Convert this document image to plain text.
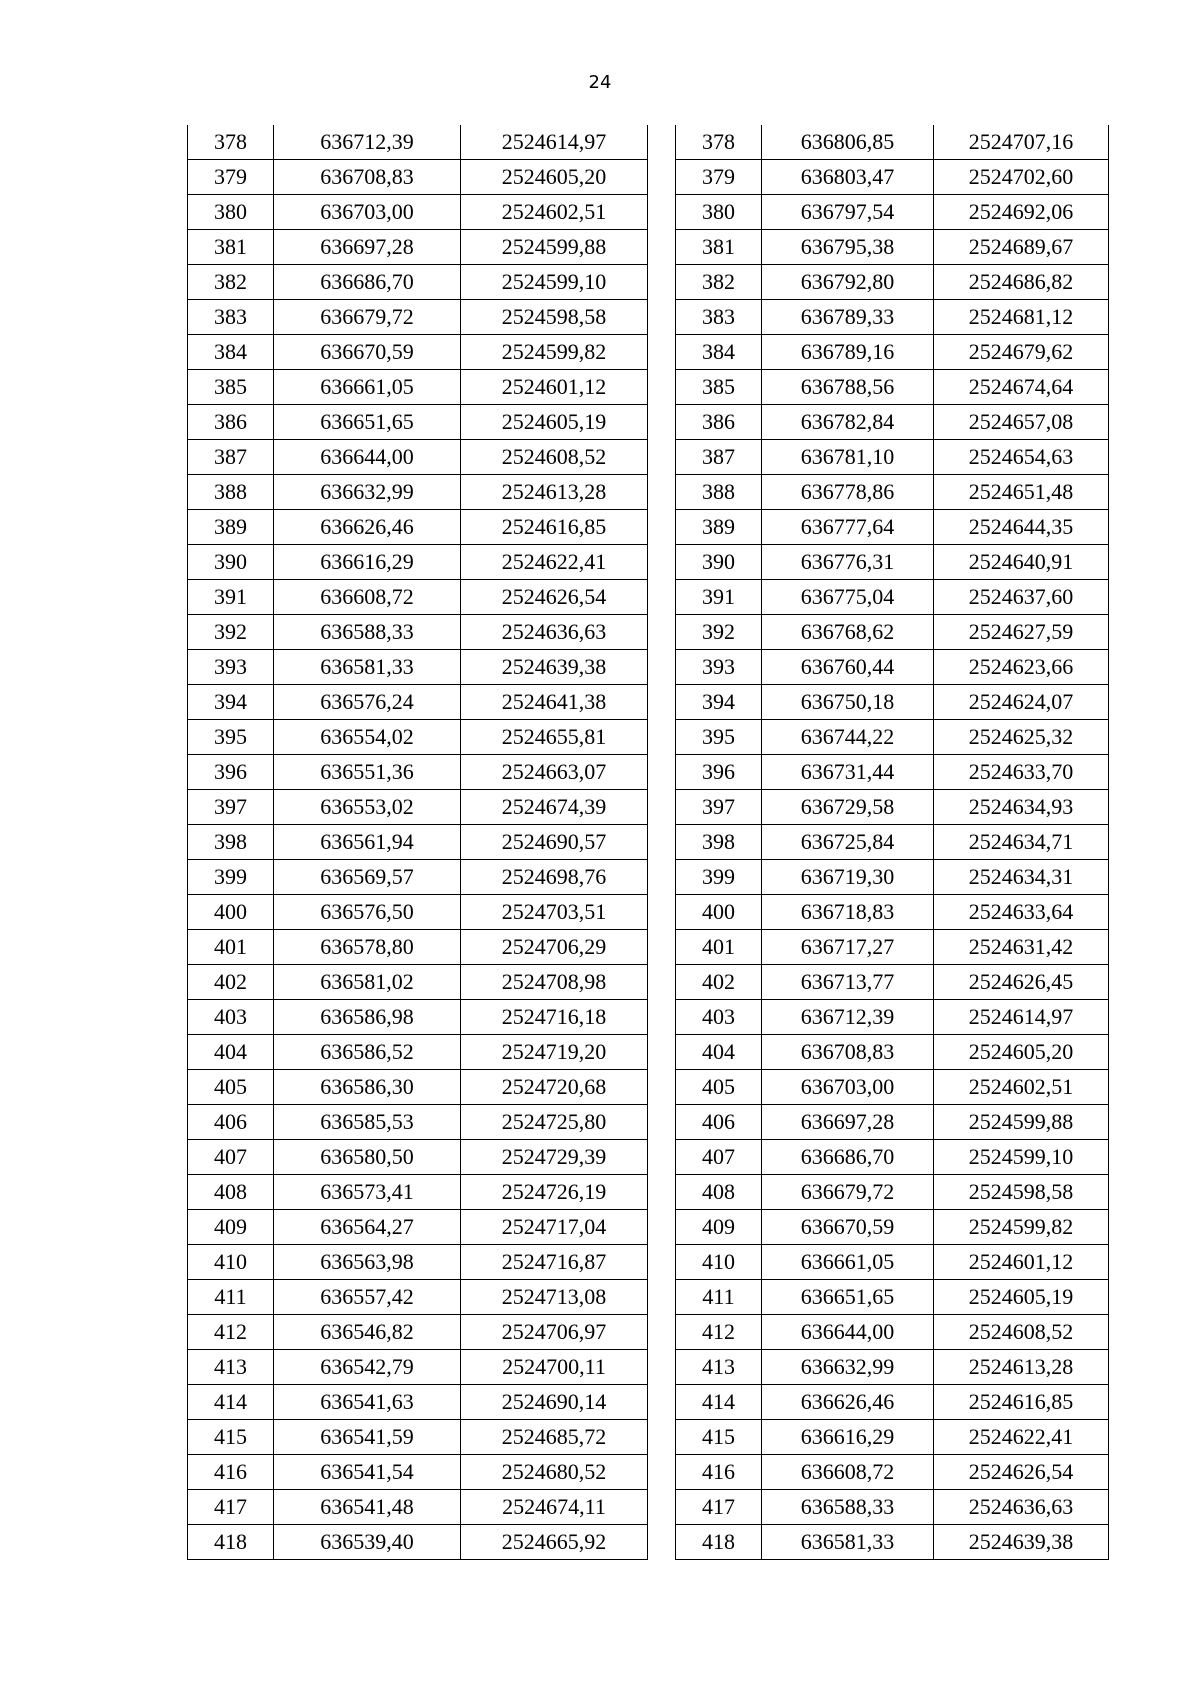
24
378	636712,39	2524614,97
379	636708,83	2524605,20
380	636703,00	2524602,51
381	636697,28	2524599,88
382	636686,70	2524599,10
383	636679,72	2524598,58
384	636670,59	2524599,82
385	636661,05	2524601,12
386	636651,65	2524605,19
387	636644,00	2524608,52
388	636632,99	2524613,28
389	636626,46	2524616,85
390	636616,29	2524622,41
391	636608,72	2524626,54
392	636588,33	2524636,63
393	636581,33	2524639,38
394	636576,24	2524641,38
395	636554,02	2524655,81
396	636551,36	2524663,07
397	636553,02	2524674,39
398	636561,94	2524690,57
399	636569,57	2524698,76
400	636576,50	2524703,51
401	636578,80	2524706,29
402	636581,02	2524708,98
403	636586,98	2524716,18
404	636586,52	2524719,20
405	636586,30	2524720,68
406	636585,53	2524725,80
407	636580,50	2524729,39
408	636573,41	2524726,19
409	636564,27	2524717,04
410	636563,98	2524716,87
411	636557,42	2524713,08
412	636546,82	2524706,97
413	636542,79	2524700,11
414	636541,63	2524690,14
415	636541,59	2524685,72
416	636541,54	2524680,52
417	636541,48	2524674,11
418	636539,40	2524665,92
378	636806,85	2524707,16
379	636803,47	2524702,60
380	636797,54	2524692,06
381	636795,38	2524689,67
382	636792,80	2524686,82
383	636789,33	2524681,12
384	636789,16	2524679,62
385	636788,56	2524674,64
386	636782,84	2524657,08
387	636781,10	2524654,63
388	636778,86	2524651,48
389	636777,64	2524644,35
390	636776,31	2524640,91
391	636775,04	2524637,60
392	636768,62	2524627,59
393	636760,44	2524623,66
394	636750,18	2524624,07
395	636744,22	2524625,32
396	636731,44	2524633,70
397	636729,58	2524634,93
398	636725,84	2524634,71
399	636719,30	2524634,31
400	636718,83	2524633,64
401	636717,27	2524631,42
402	636713,77	2524626,45
403	636712,39	2524614,97
404	636708,83	2524605,20
405	636703,00	2524602,51
406	636697,28	2524599,88
407	636686,70	2524599,10
408	636679,72	2524598,58
409	636670,59	2524599,82
410	636661,05	2524601,12
411	636651,65	2524605,19
412	636644,00	2524608,52
413	636632,99	2524613,28
414	636626,46	2524616,85
415	636616,29	2524622,41
416	636608,72	2524626,54
417	636588,33	2524636,63
418	636581,33	2524639,38
